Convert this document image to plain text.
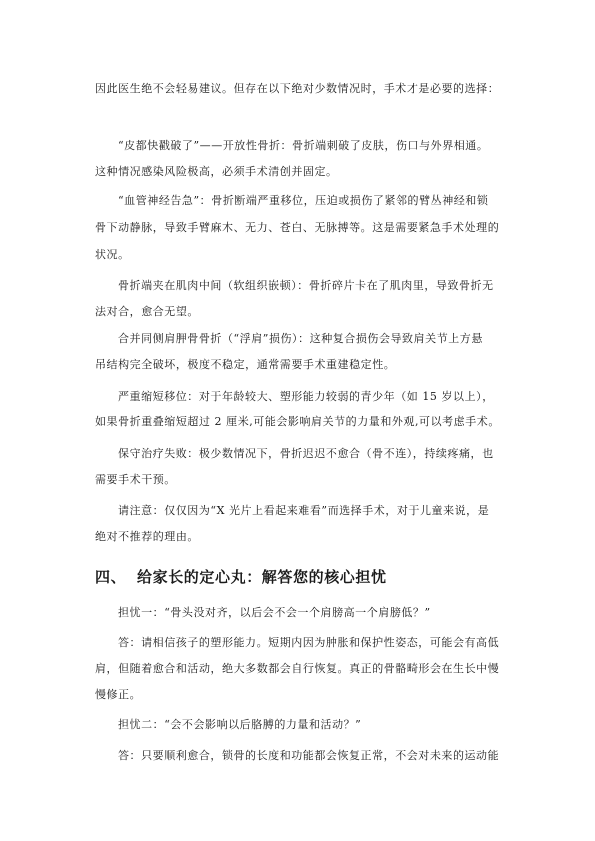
因此医生绝不会轻易建议。但存在以下绝对少数情况时，手术才是必要的选择：
“皮都快戳破了”——开放性骨折：骨折端刺破了皮肤，伤口与外界相通。
这种情况感染风险极高，必须手术清创并固定。
“血管神经告急”：骨折断端严重移位，压迫或损伤了紧邻的臂丛神经和锁
骨下动静脉，导致手臂麻木、无力、苍白、无脉搏等。这是需要紧急手术处理的
状况。
骨折端夹在肌肉中间（软组织嵌顿）：骨折碎片卡在了肌肉里，导致骨折无
法对合，愈合无望。
合并同侧肩胛骨骨折（“浮肩”损伤）：这种复合损伤会导致肩关节上方悬
吊结构完全破坏，极度不稳定，通常需要手术重建稳定性。
严重缩短移位：对于年龄较大、塑形能力较弱的青少年（如 15 岁以上），
如果骨折重叠缩短超过 2 厘米,可能会影响肩关节的力量和外观,可以考虑手术。
保守治疗失败：极少数情况下，骨折迟迟不愈合（骨不连），持续疼痛，也
需要手术干预。
请注意：仅仅因为“X 光片上看起来难看”而选择手术，对于儿童来说，是
绝对不推荐的理由。
四、 给家长的定心丸：解答您的核心担忧
担忧一：“骨头没对齐，以后会不会一个肩膀高一个肩膀低？”
答：请相信孩子的塑形能力。短期内因为肿胀和保护性姿态，可能会有高低
肩，但随着愈合和活动，绝大多数都会自行恢复。真正的骨骼畸形会在生长中慢
慢修正。
担忧二：“会不会影响以后胳膊的力量和活动？”
答：只要顺利愈合，锁骨的长度和功能都会恢复正常，不会对未来的运动能
